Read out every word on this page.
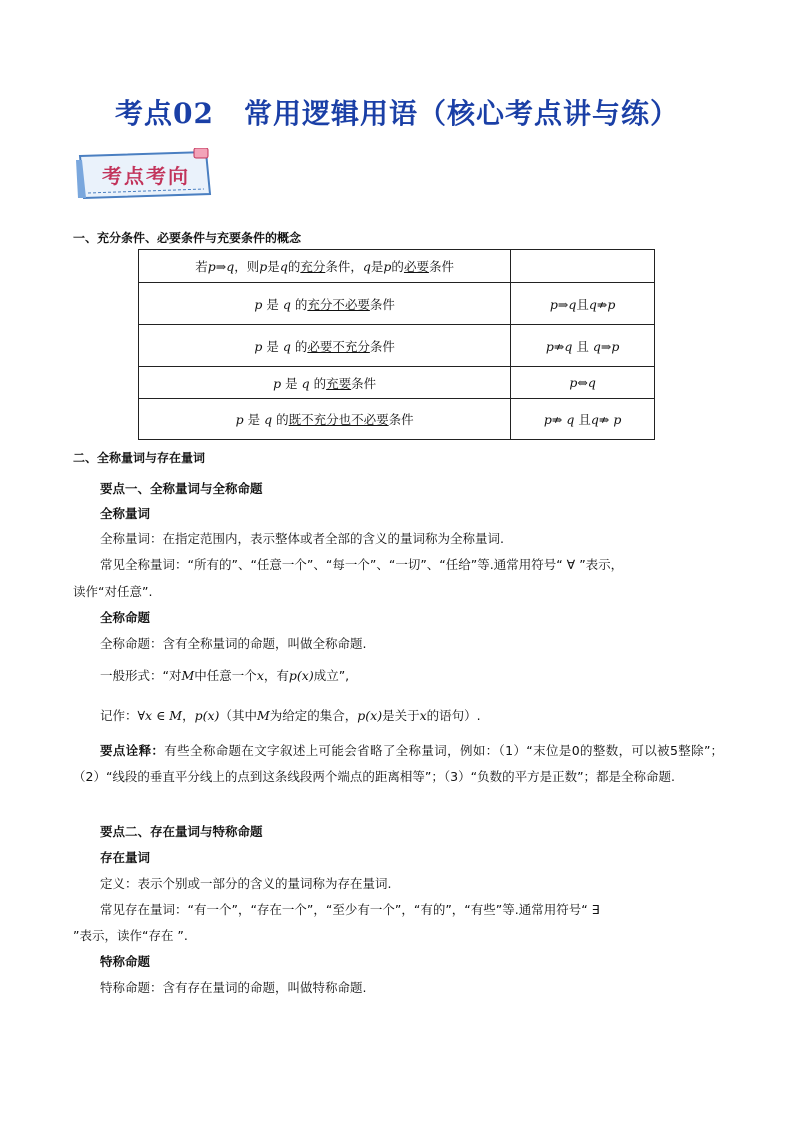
考点02 常用逻辑用语（核心考点讲与练）
考点考向
一、充分条件、必要条件与充要条件的概念
若p⇒q，则p是q的充分条件，q是p的必要条件	
p 是 q 的充分不必要条件	p⇒q且q⇏p
p 是 q 的必要不充分条件	p⇏q 且 q⇒p
p 是 q 的充要条件	p⇔q
p 是 q 的既不充分也不必要条件	p⇏ q 且q⇏ p
二、全称量词与存在量词
要点一、全称量词与全称命题
全称量词
全称量词：在指定范围内，表示整体或者全部的含义的量词称为全称量词.
常见全称量词：“所有的”、“任意一个”、“每一个”、“一切”、“任给”等.通常用符号“ ∀ ”表示，
读作“对任意”.
全称命题
全称命题：含有全称量词的命题，叫做全称命题.
一般形式：“对M中任意一个x，有p(x)成立”,
记作：∀x ∈ M，p(x)（其中M为给定的集合，p(x)是关于x的语句）.
要点诠释：有些全称命题在文字叙述上可能会省略了全称量词，例如：（1）“末位是0的整数，可以被5整除”；（2）“线段的垂直平分线上的点到这条线段两个端点的距离相等”；（3）“负数的平方是正数”；都是全称命题.
要点二、存在量词与特称命题
存在量词
定义：表示个别或一部分的含义的量词称为存在量词.
常见存在量词：“有一个”，“存在一个”，“至少有一个”，“有的”，“有些”等.通常用符号“ ∃
”表示，读作“存在 ”.
特称命题
特称命题：含有存在量词的命题，叫做特称命题.
